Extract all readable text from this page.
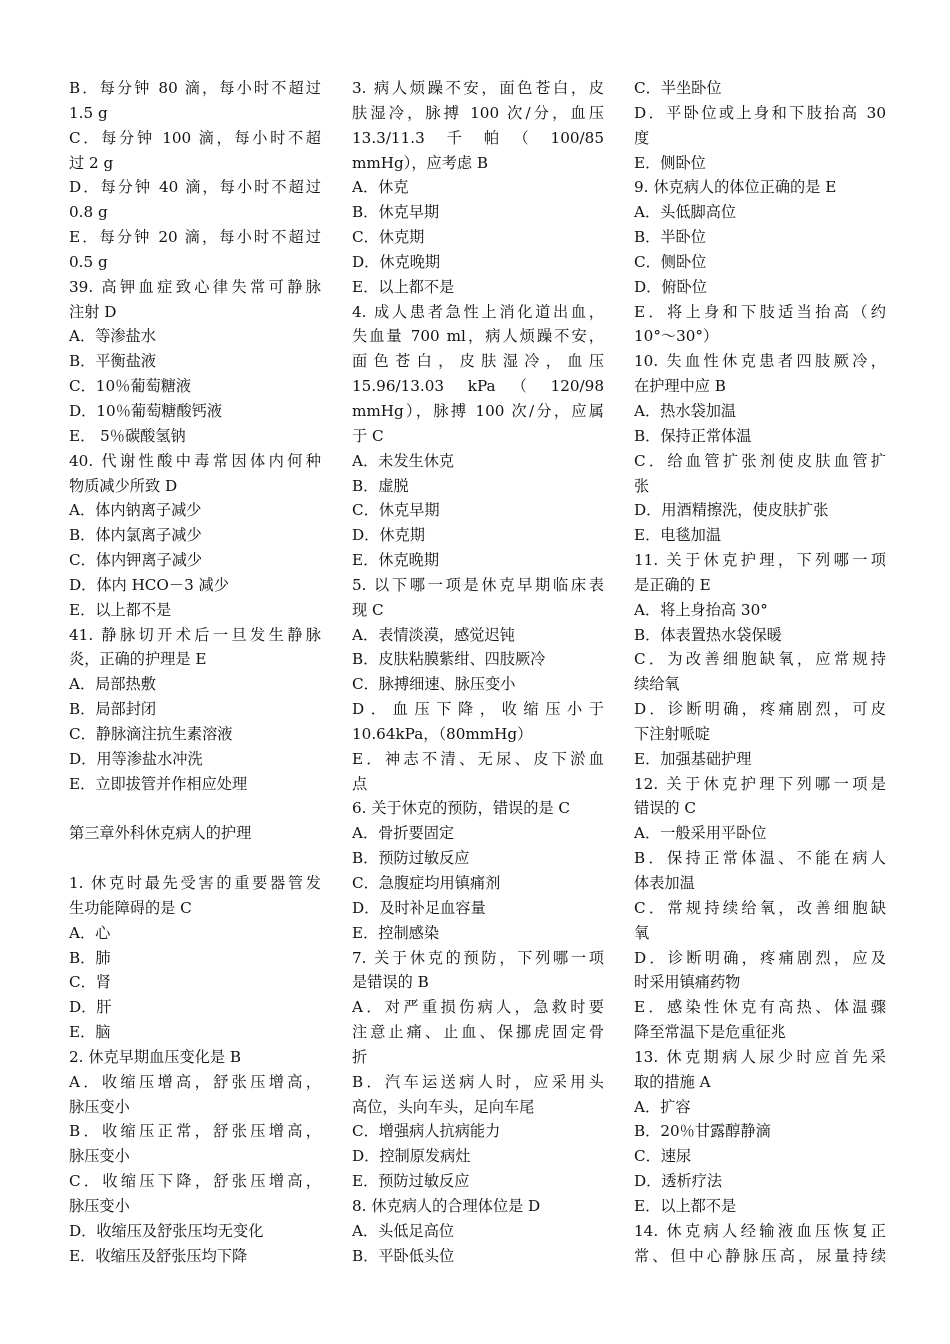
B．每分钟 80 滴，每小时不超过
1.5 g
C．每分钟 100 滴，每小时不超
过 2 g
D．每分钟 40 滴，每小时不超过
0.8 g
E．每分钟 20 滴，每小时不超过
0.5 g
39. 高钾血症致心律失常可静脉
注射 D
A．等渗盐水
B．平衡盐液
C．10％葡萄糖液
D．10％葡萄糖酸钙液
E． 5％碳酸氢钠
40. 代谢性酸中毒常因体内何种
物质减少所致 D
A．体内钠离子减少
B．体内氯离子减少
C．体内钾离子减少
D．体内 HCO－3 减少
E．以上都不是
41. 静脉切开术后一旦发生静脉
炎，正确的护理是 E
A．局部热敷
B．局部封闭
C．静脉滴注抗生素溶液
D．用等渗盐水冲洗
E．立即拔管并作相应处理
第三章外科休克病人的护理
1. 休克时最先受害的重要器管发
生功能障碍的是 C
A．心
B．肺
C．肾
D．肝
E．脑
2. 休克早期血压变化是 B
A．收缩压增高，舒张压增高，
脉压变小
B．收缩压正常，舒张压增高，
脉压变小
C．收缩压下降，舒张压增高，
脉压变小
D．收缩压及舒张压均无变化
E．收缩压及舒张压均下降
3. 病人烦躁不安，面色苍白，皮
肤湿冷，脉搏 100 次/分，血压
13.3/11.3　千　帕　（　100/85
mmHg），应考虑 B
A．休克
B．休克早期
C．休克期
D．休克晚期
E．以上都不是
4. 成人患者急性上消化道出血，
失血量 700 ml，病人烦躁不安，
面色苍白，皮肤湿冷，血压
15.96/13.03　kPa　（　120/98
mmHg），脉搏 100 次/分，应属
于 C
A．未发生休克
B．虚脱
C．休克早期
D．休克期
E．休克晚期
5. 以下哪一项是休克早期临床表
现 C
A．表情淡漠，感觉迟钝
B．皮肤粘膜紫绀、四肢厥冷
C．脉搏细速、脉压变小
D．血压下降，收缩压小于
10.64kPa，（80mmHg）
E．神志不清、无尿、皮下淤血
点
6. 关于休克的预防，错误的是 C
A．骨折要固定
B．预防过敏反应
C．急腹症均用镇痛剂
D．及时补足血容量
E．控制感染
7. 关于休克的预防，下列哪一项
是错误的 B
A．对严重损伤病人，急救时要
注意止痛、止血、保挪虎固定骨
折
B．汽车运送病人时，应采用头
高位，头向车头，足向车尾
C．增强病人抗病能力
D．控制原发病灶
E．预防过敏反应
8. 休克病人的合理体位是 D
A．头低足高位
B．平卧低头位
C．半坐卧位
D．平卧位或上身和下肢抬高 30
度
E．侧卧位
9. 休克病人的体位正确的是 E
A．头低脚高位
B．半卧位
C．侧卧位
D．俯卧位
E．将上身和下肢适当抬高（约
10°～30°）
10. 失血性休克患者四肢厥冷，
在护理中应 B
A．热水袋加温
B．保持正常体温
C．给血管扩张剂使皮肤血管扩
张
D．用酒精擦洗，使皮肤扩张
E．电毯加温
11. 关于休克护理，下列哪一项
是正确的 E
A．将上身抬高 30°
B．体表置热水袋保暖
C．为改善细胞缺氧，应常规持
续给氧
D．诊断明确，疼痛剧烈，可皮
下注射哌啶
E．加强基础护理
12. 关于休克护理下列哪一项是
错误的 C
A．一般采用平卧位
B．保持正常体温、不能在病人
体表加温
C．常规持续给氧，改善细胞缺
氧
D．诊断明确，疼痛剧烈，应及
时采用镇痛药物
E．感染性休克有高热、体温骤
降至常温下是危重征兆
13. 休克期病人尿少时应首先采
取的措施 A
A．扩容
B．20％甘露醇静滴
C．速尿
D．透析疗法
E．以上都不是
14. 休克病人经输液血压恢复正
常、但中心静脉压高，尿量持续
